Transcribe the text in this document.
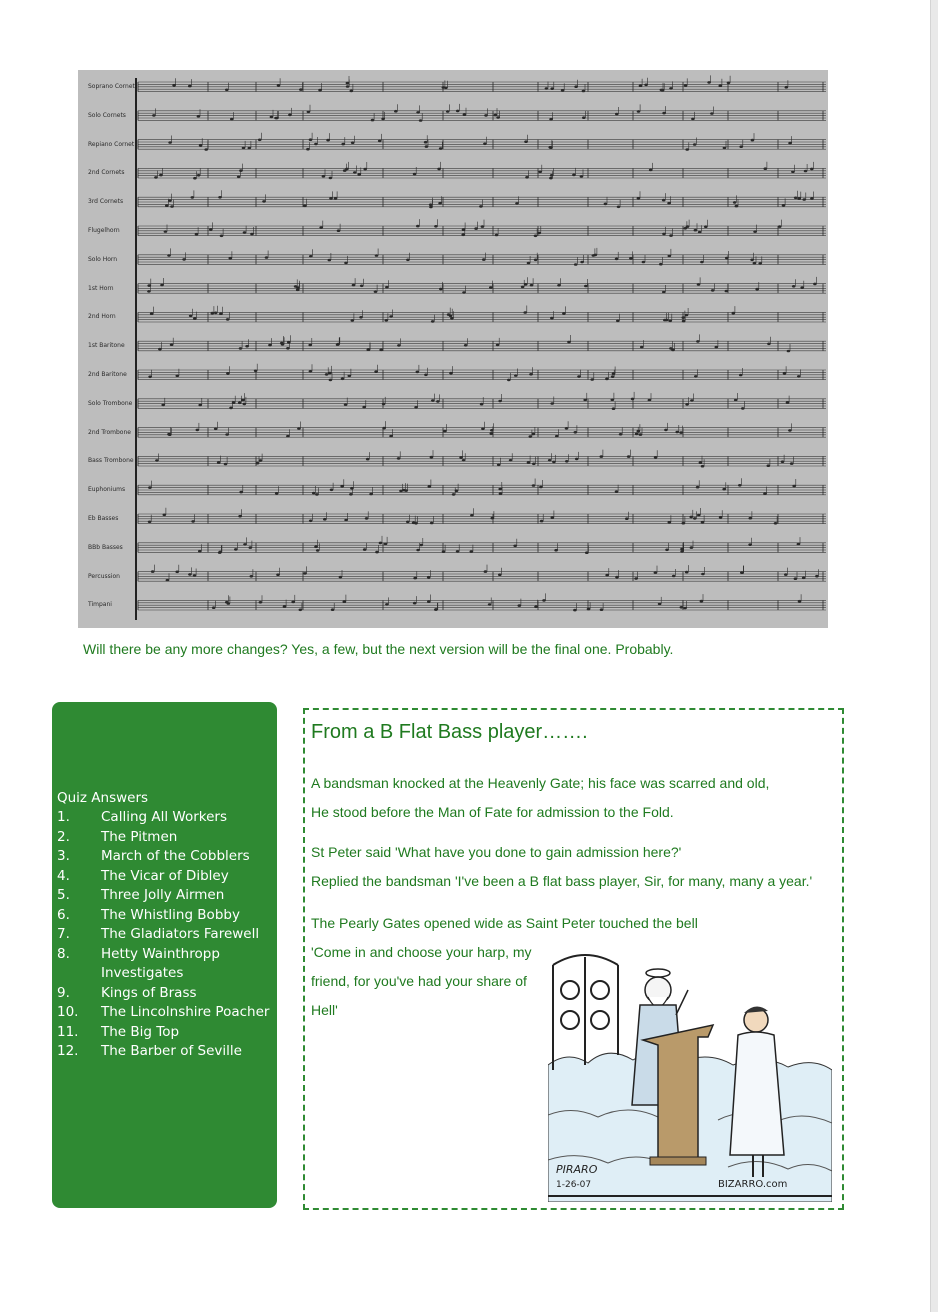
Soprano Cornet
Solo Cornets
Repiano Cornet
2nd Cornets
3rd Cornets
Flugelhorn
Solo Horn
1st Horn
2nd Horn
1st Baritone
2nd Baritone
Solo Trombone
2nd Trombone
Bass Trombone
Euphoniums
Eb Basses
BBb Basses
Percussion
Timpani
Will there be any more changes? Yes, a few, but the next version will be the final one. Probably.
Quiz Answers
1. Calling All Workers
2. The Pitmen
3. March of the Cobblers
4. The Vicar of Dibley
5. Three Jolly Airmen
6. The Whistling Bobby
7. The Gladiators Farewell
8. Hetty Wainthropp Investigates
9. Kings of Brass
10. The Lincolnshire Poacher
11. The Big Top
12. The Barber of Seville
From a B Flat Bass player…….
A bandsman knocked at the Heavenly Gate; his face was scarred and old,
He stood before the Man of Fate for admission to the Fold.
St Peter said 'What have you done to gain admission here?'
Replied the bandsman 'I've been a B flat bass player, Sir, for many, many a year.'
The Pearly Gates opened wide as Saint Peter touched the bell
'Come in and choose your harp, my
friend, for you've had your share of
Hell'
PIRARO
1-26-07	BIZARRO.com
